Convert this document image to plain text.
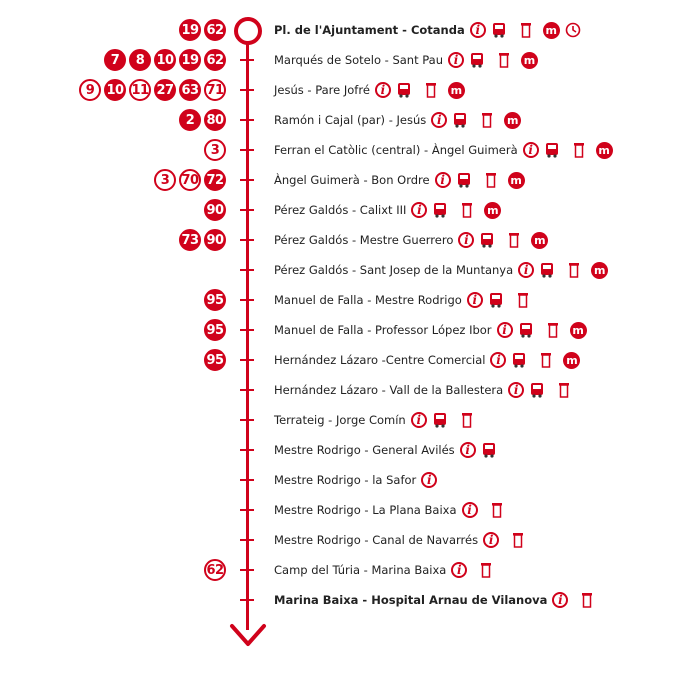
19 62	Pl. de l'Ajuntament - Cotanda i	m
7	8 10 19 62	Marqués de Sotelo - Sant Pau i	m
9 10 11 27 63 71	Jesús - Pare Jofré i	m
2 80	Ramón i Cajal (par) - Jesús i	m
3	Ferran el Catòlic (central) - Àngel Guimerà i	m
3 70 72	Àngel Guimerà - Bon Ordre i	m
90	Pérez Galdós - Calixt III i	m
73 90	Pérez Galdós - Mestre Guerrero i	m
Pérez Galdós - Sant Josep de la Muntanya i	m
95	Manuel de Falla - Mestre Rodrigo i
95	Manuel de Falla - Professor López Ibor i	m
95	Hernández Lázaro -Centre Comercial i	m
Hernández Lázaro - Vall de la Ballestera i
Terrateig - Jorge Comín i
Mestre Rodrigo - General Avilés i
Mestre Rodrigo - la Safor i
Mestre Rodrigo - La Plana Baixa i
Mestre Rodrigo - Canal de Navarrés i
62	Camp del Túria - Marina Baixa i
Marina Baixa - Hospital Arnau de Vilanova i
